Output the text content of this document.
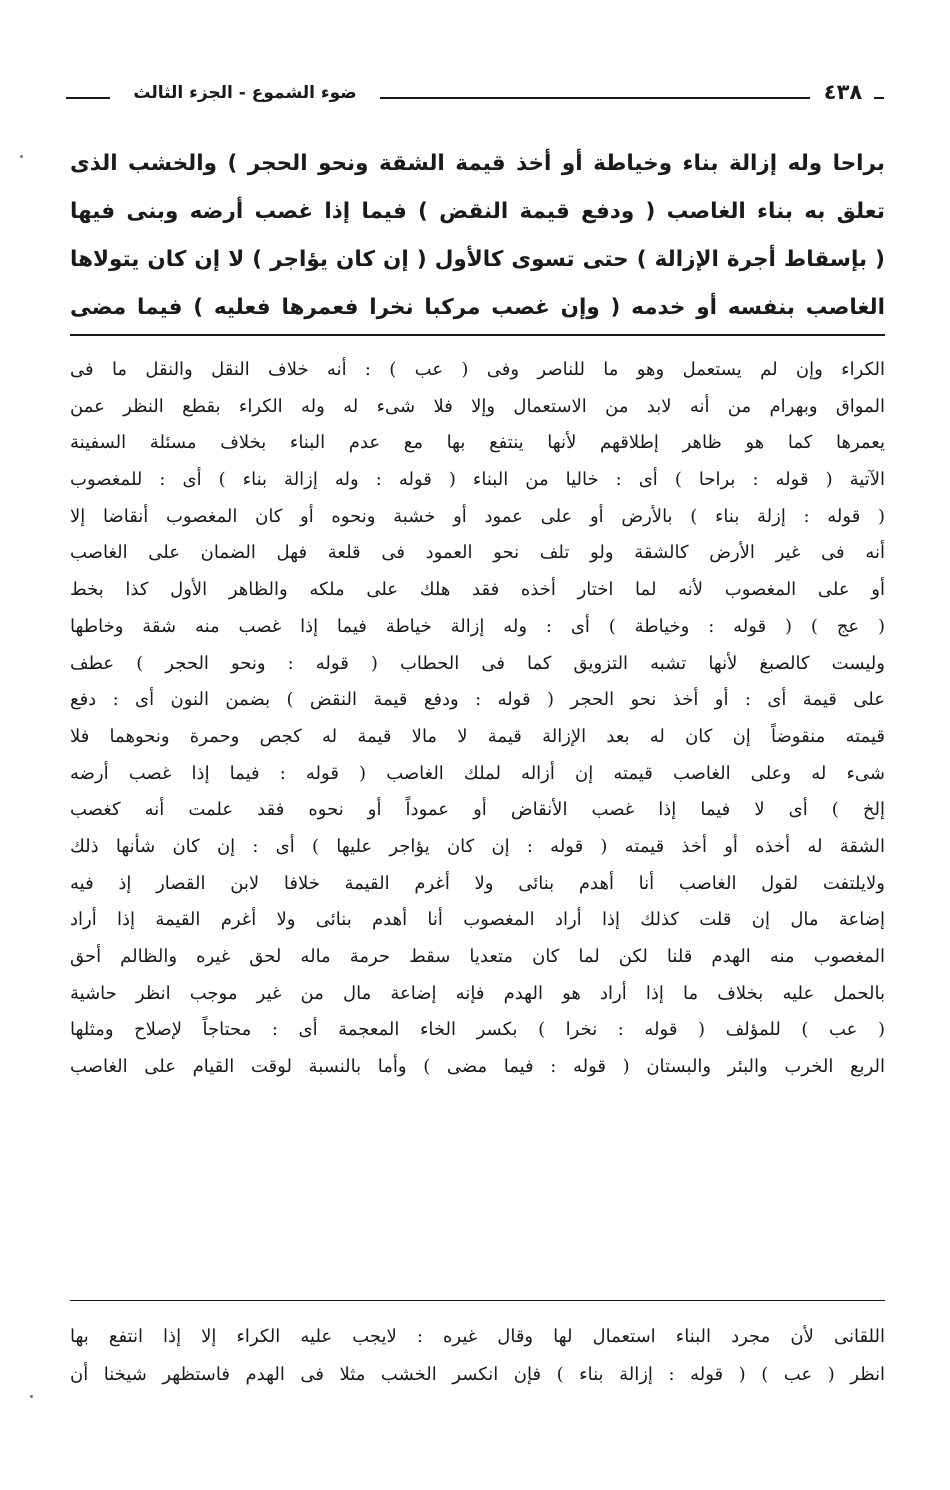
ضوء الشموع - الجزء الثالث	٤٣٨
براحا وله إزالة بناء وخياطة أو أخذ قيمة الشقة ونحو الحجر ) والخشب الذى
تعلق به بناء الغاصب ( ودفع قيمة النقض ) فيما إذا غصب أرضه وبنى فيها
( بإسقاط أجرة الإزالة ) حتى تسوى كالأول ( إن كان يؤاجر ) لا إن كان يتولاها
الغاصب بنفسه أو خدمه ( وإن غصب مركبا نخرا فعمرها فعليه ) فيما مضى
الكراء وإن لم يستعمل وهو ما للناصر وفى ( عب ) : أنه خلاف النقل والنقل ما فى
المواق وبهرام من أنه لابد من الاستعمال وإلا فلا شىء له وله الكراء بقطع النظر عمن
يعمرها كما هو ظاهر إطلاقهم لأنها ينتفع بها مع عدم البناء بخلاف مسئلة السفينة
الآتية ( قوله : براحا ) أى : خاليا من البناء ( قوله : وله إزالة بناء ) أى : للمغصوب
( قوله : إزلة بناء ) بالأرض أو على عمود أو خشبة ونحوه أو كان المغصوب أنقاضا إلا
أنه فى غير الأرض كالشقة ولو تلف نحو العمود فى قلعة فهل الضمان على الغاصب
أو على المغصوب لأنه لما اختار أخذه فقد هلك على ملكه والظاهر الأول كذا بخط
( عج ) ( قوله : وخياطة ) أى : وله إزالة خياطة فيما إذا غصب منه شقة وخاطها
وليست كالصبغ لأنها تشبه التزويق كما فى الحطاب ( قوله : ونحو الحجر ) عطف
على قيمة أى : أو أخذ نحو الحجر ( قوله : ودفع قيمة النقض ) بضمن النون أى : دفع
قيمته منقوضاً إن كان له بعد الإزالة قيمة لا مالا قيمة له كجص وحمرة ونحوهما فلا
شىء له وعلى الغاصب قيمته إن أزاله لملك الغاصب ( قوله : فيما إذا غصب أرضه
إلخ ) أى لا فيما إذا غصب الأنقاض أو عموداً أو نحوه فقد علمت أنه كغصب
الشقة له أخذه أو أخذ قيمته ( قوله : إن كان يؤاجر عليها ) أى : إن كان شأنها ذلك
ولايلتفت لقول الغاصب أنا أهدم بنائى ولا أغرم القيمة خلافا لابن القصار إذ فيه
إضاعة مال إن قلت كذلك إذا أراد المغصوب أنا أهدم بنائى ولا أغرم القيمة إذا أراد
المغصوب منه الهدم قلنا لكن لما كان متعديا سقط حرمة ماله لحق غيره والظالم أحق
بالحمل عليه بخلاف ما إذا أراد هو الهدم فإنه إضاعة مال من غير موجب انظر حاشية
( عب ) للمؤلف ( قوله : نخرا ) بكسر الخاء المعجمة أى : محتاجاً لإصلاح ومثلها
الربع الخرب والبئر والبستان ( قوله : فيما مضى ) وأما بالنسبة لوقت القيام على الغاصب
اللقانى لأن مجرد البناء استعمال لها وقال غيره : لايجب عليه الكراء إلا إذا انتفع بها
انظر ( عب ) ( قوله : إزالة بناء ) فإن انكسر الخشب مثلا فى الهدم فاستظهر شيخنا أن
